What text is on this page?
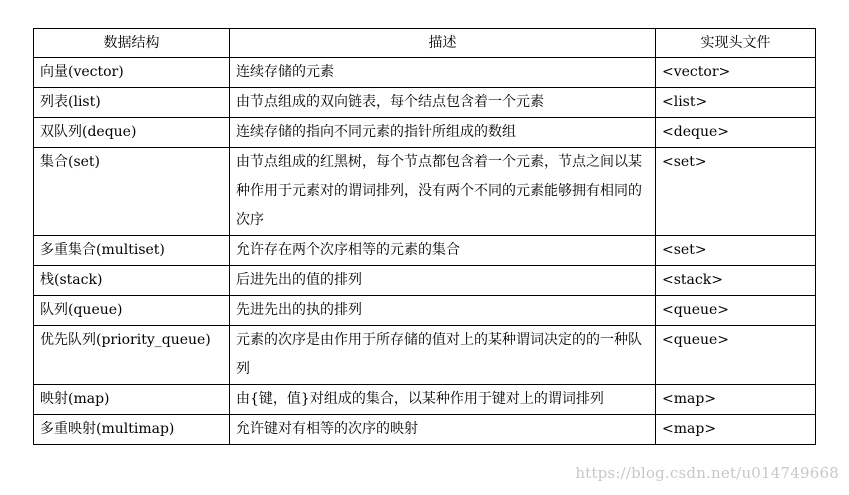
数据结构	描述	实现头文件
向量(vector)	连续存储的元素	<vector>
列表(list)	由节点组成的双向链表，每个结点包含着一个元素	<list>
双队列(deque)	连续存储的指向不同元素的指针所组成的数组	<deque>
集合(set)	由节点组成的红黑树，每个节点都包含着一个元素，节点之间以某种作用于元素对的谓词排列，没有两个不同的元素能够拥有相同的次序	<set>
多重集合(multiset)	允许存在两个次序相等的元素的集合	<set>
栈(stack)	后进先出的值的排列	<stack>
队列(queue)	先进先出的执的排列	<queue>
优先队列(priority_queue)	元素的次序是由作用于所存储的值对上的某种谓词决定的的一种队列	<queue>
映射(map)	由{键，值}对组成的集合，以某种作用于键对上的谓词排列	<map>
多重映射(multimap)	允许键对有相等的次序的映射	<map>
https://blog.csdn.net/u014749668
